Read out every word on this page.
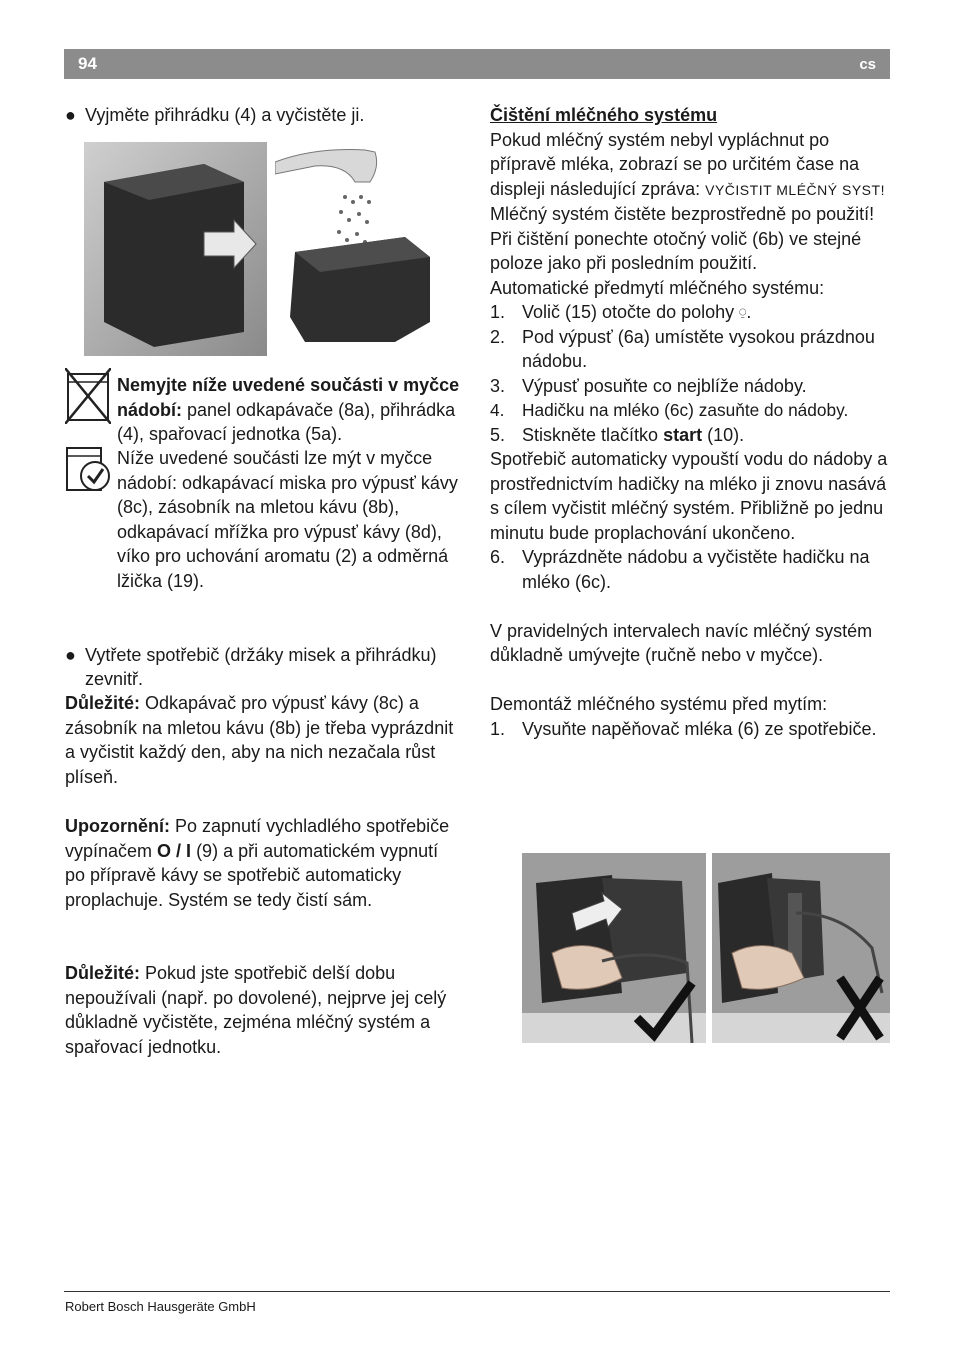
94	cs
● Vyjměte přihrádku (4) a vyčistěte ji.
Nemyjte níže uvedené součásti v myčce nádobí: panel odkapávače (8a), přihrádka (4), spařovací jednotka (5a).
Níže uvedené součásti lze mýt v myčce nádobí: odkapávací miska pro výpusť kávy (8c), zásobník na mletou kávu (8b), odkapávací mřížka pro výpusť kávy (8d), víko pro uchování aromatu (2) a odměrná lžička (19).
● Vytřete spotřebič (držáky misek a přihrádku) zevnitř.
Důležité: Odkapávač pro výpusť kávy (8c) a zásobník na mletou kávu (8b) je třeba vyprázdnit a vyčistit každý den, aby na nich nezačala růst plíseň.
Upozornění: Po zapnutí vychladlého spotřebiče vypínačem O / I (9) a při automatickém vypnutí po přípravě kávy se spotřebič automaticky proplachuje. Systém se tedy čistí sám.
Důležité: Pokud jste spotřebič delší dobu nepoužívali (např. po dovolené), nejprve jej celý důkladně vyčistěte, zejména mléčný systém a spařovací jednotku.
Čištění mléčného systému
Pokud mléčný systém nebyl vypláchnut po přípravě mléka, zobrazí se po určitém čase na displeji následující zpráva: VYČISTIT MLÉČNÝ SYST!
Mléčný systém čistěte bezprostředně po použití! Při čištění ponechte otočný volič (6b) ve stejné poloze jako při posledním použití.
Automatické předmytí mléčného systému:
1. Volič (15) otočte do polohy ⍜.
2. Pod výpusť (6a) umístěte vysokou prázdnou nádobu.
3. Výpusť posuňte co nejblíže nádoby.
4. Hadičku na mléko (6c) zasuňte do nádoby.
5. Stiskněte tlačítko start (10).
Spotřebič automaticky vypouští vodu do nádoby a prostřednictvím hadičky na mléko ji znovu nasává s cílem vyčistit mléčný systém. Přibližně po jednu minutu bude proplachování ukončeno.
6. Vyprázdněte nádobu a vyčistěte hadičku na mléko (6c).
V pravidelných intervalech navíc mléčný systém důkladně umývejte (ručně nebo v myčce).
Demontáž mléčného systému před mytím:
1. Vysuňte napěňovač mléka (6) ze spotřebiče.
Robert Bosch Hausgeräte GmbH
